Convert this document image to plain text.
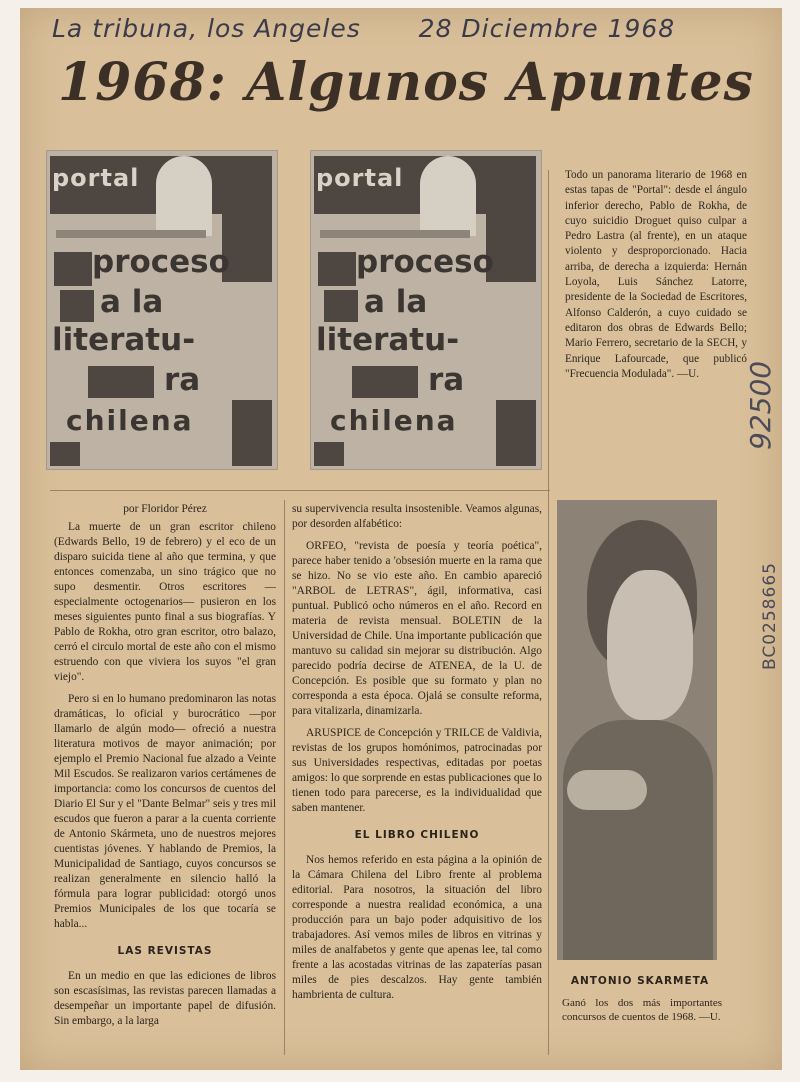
La tribuna, los Angeles 28 Diciembre 1968
1968: Algunos Apuntes
portal
proceso
a la
literatu-
ra
chilena
portal
proceso
a la
literatu-
ra
chilena
Todo un panorama literario de 1968 en estas tapas de "Portal": desde el ángulo inferior derecho, Pablo de Rokha, de cuyo suicidio Droguet quiso culpar a Pedro Lastra (al frente), en un ataque violento y desproporcionado. Hacia arriba, de derecha a izquierda: Hernán Loyola, Luis Sánchez Latorre, presidente de la Sociedad de Escritores, Alfonso Calderón, a cuyo cuidado se editaron dos obras de Edwards Bello; Mario Ferrero, secretario de la SECH, y Enrique Lafourcade, que publicó "Frecuencia Modulada". —U.	92500

por Floridor Pérez

La muerte de un gran escritor chileno (Edwards Bello, 19 de febrero) y el eco de un disparo suicida tiene al año que termina, y que entonces comenzaba, un sino trágico que no supo desmentir. Otros escritores —especialmente octogenarios— pusieron en los meses siguientes punto final a sus biografías. Y Pablo de Rokha, otro gran escritor, otro balazo, cerró el circulo mortal de este año con el mismo estruendo con que viviera los suyos "el gran viejo".

Pero si en lo humano predominaron las notas dramáticas, lo oficial y burocrático —por llamarlo de algún modo— ofreció a nuestra literatura motivos de mayor animación; por ejemplo el Premio Nacional fue alzado a Veinte Mil Escudos. Se realizaron varios certámenes de importancia: como los concursos de cuentos del Diario El Sur y el "Dante Belmar" seis y tres mil escudos que fueron a parar a la cuenta corriente de Antonio Skármeta, uno de nuestros mejores cuentistas jóvenes. Y hablando de Premios, la Municipalidad de Santiago, cuyos concursos se realizan generalmente en silencio halló la fórmula para lograr publicidad: otorgó unos Premios Municipales de los que tocaría se habla...

LAS REVISTAS

En un medio en que las ediciones de libros son escasísimas, las revistas parecen llamadas a desempeñar un importante papel de difusión. Sin embargo, a la larga

su supervivencia resulta insostenible. Veamos algunas, por desorden alfabético:

ORFEO, "revista de poesía y teoría poética", parece haber tenido a 'obsesión muerte en la rama que se hizo. No se vio este año. En cambio apareció "ARBOL de LETRAS", ágil, informativa, casi puntual. Publicó ocho números en el año. Record en materia de revista mensual. BOLETIN de la Universidad de Chile. Una importante publicación que mantuvo su calidad sin mejorar su distribución. Algo parecido podría decirse de ATENEA, de la U. de Concepción. Es posible que su formato y plan no corresponda a esta época. Ojalá se consulte reforma, para vitalizarla, dinamizarla.

ARUSPICE de Concepción y TRILCE de Valdivia, revistas de los grupos homónimos, patrocinadas por sus Universidades respectivas, editadas por poetas amigos: lo que sorprende en estas publicaciones que lo tienen todo para parecerse, es la individualidad que saben mantener.

EL LIBRO CHILENO

Nos hemos referido en esta página a la opinión de la Cámara Chilena del Libro frente al problema editorial. Para nosotros, la situación del libro corresponde a nuestra realidad económica, a una producción para un bajo poder adquisitivo de los trabajadores. Así vemos miles de libros en vitrinas y miles de analfabetos y gente que apenas lee, tal como frente a las acostadas vitrinas de las zapaterías pasan miles de pies descalzos. Hay gente también hambrienta de cultura.

ANTONIO SKARMETA
Ganó los dos más importantes concursos de cuentos de 1968. —U.
BC0258665
